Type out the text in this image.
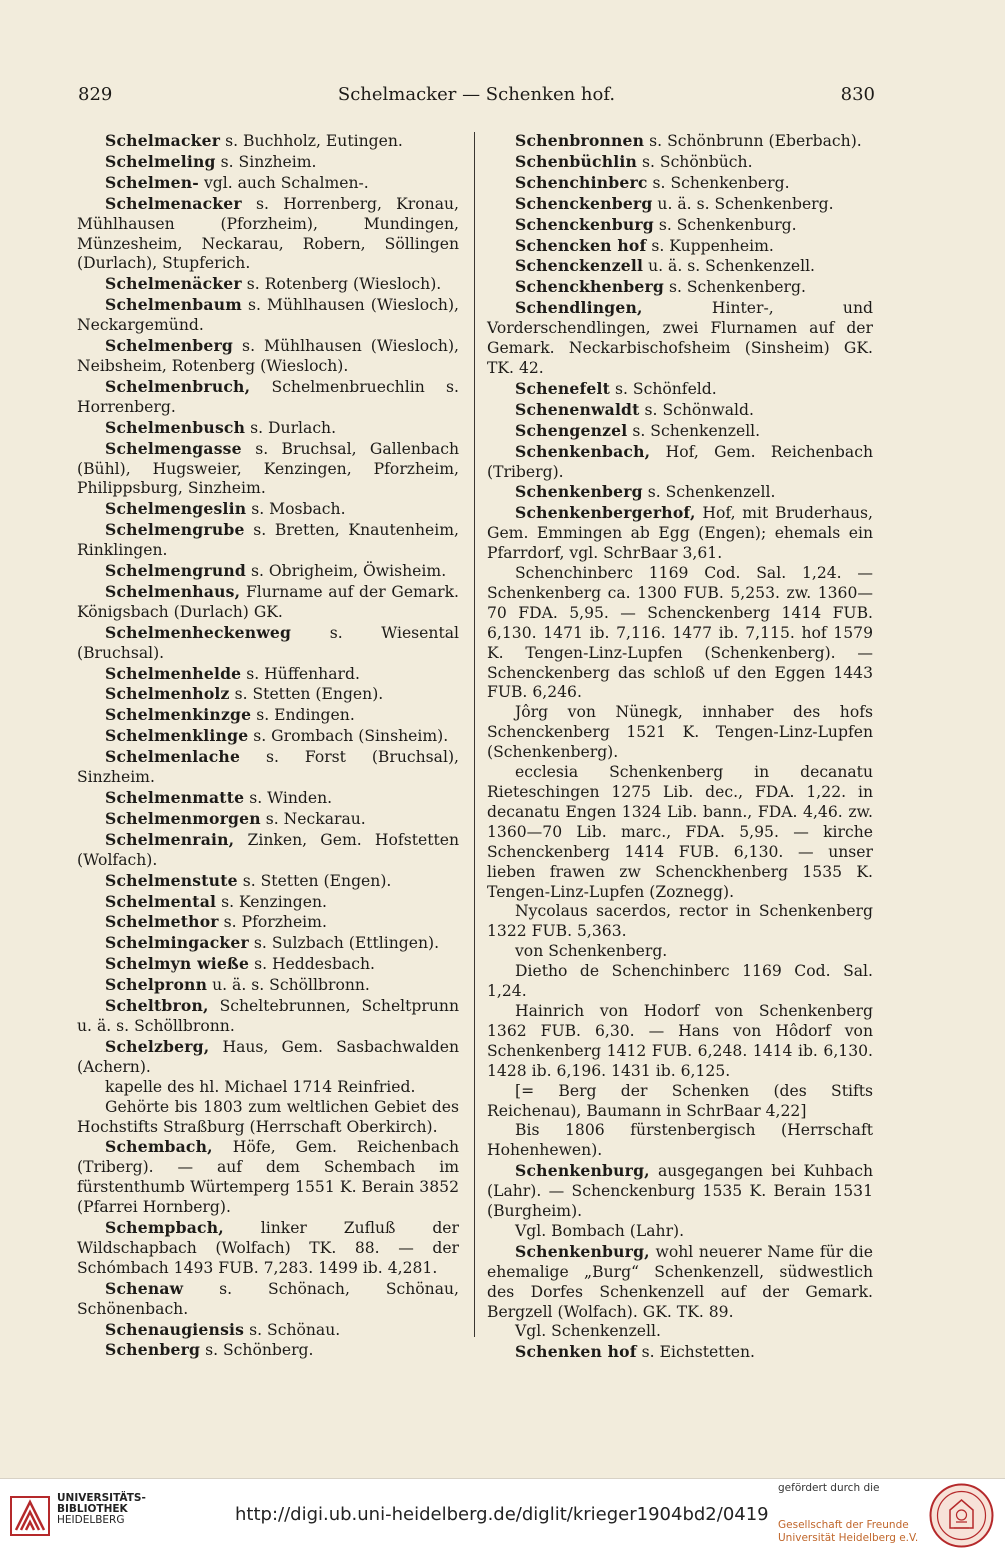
829	Schelmacker — Schenken hof.	830

Schelmacker s. Buchholz, Eutingen.

Schelmeling s. Sinzheim.

Schelmen- vgl. auch Schalmen-.

Schelmenacker s. Horrenberg, Kronau, Mühlhausen (Pforzheim), Mundingen, Münzesheim, Neckarau, Robern, Söllingen (Durlach), Stupferich.

Schelmenäcker s. Rotenberg (Wiesloch).

Schelmenbaum s. Mühlhausen (Wiesloch), Neckargemünd.

Schelmenberg s. Mühlhausen (Wiesloch), Neibsheim, Rotenberg (Wiesloch).

Schelmenbruch, Schelmenbruechlin s. Horrenberg.

Schelmenbusch s. Durlach.

Schelmengasse s. Bruchsal, Gallenbach (Bühl), Hugsweier, Kenzingen, Pforzheim, Philippsburg, Sinzheim.

Schelmengeslin s. Mosbach.

Schelmengrube s. Bretten, Knautenheim, Rinklingen.

Schelmengrund s. Obrigheim, Öwisheim.

Schelmenhaus, Flurname auf der Gemark. Königsbach (Durlach) GK.

Schelmenheckenweg s. Wiesental (Bruchsal).

Schelmenhelde s. Hüffenhard.

Schelmenholz s. Stetten (Engen).

Schelmenkinzge s. Endingen.

Schelmenklinge s. Grombach (Sinsheim).

Schelmenlache s. Forst (Bruchsal), Sinzheim.

Schelmenmatte s. Winden.

Schelmenmorgen s. Neckarau.

Schelmenrain, Zinken, Gem. Hofstetten (Wolfach).

Schelmenstute s. Stetten (Engen).

Schelmental s. Kenzingen.

Schelmethor s. Pforzheim.

Schelmingacker s. Sulzbach (Ettlingen).

Schelmyn wieße s. Heddesbach.

Schelpronn u. ä. s. Schöllbronn.

Scheltbron, Scheltebrunnen, Scheltprunn u. ä. s. Schöllbronn.

Schelzberg, Haus, Gem. Sasbachwalden (Achern).

kapelle des hl. Michael 1714 Reinfried.

Gehörte bis 1803 zum weltlichen Gebiet des Hochstifts Straßburg (Herrschaft Oberkirch).

Schembach, Höfe, Gem. Reichenbach (Triberg). — auf dem Schembach im fürstenthumb Würtemperg 1551 K. Berain 3852 (Pfarrei Hornberg).

Schempbach, linker Zufluß der Wildschapbach (Wolfach) TK. 88. — der Schómbach 1493 FUB. 7,283. 1499 ib. 4,281.

Schenaw s. Schönach, Schönau, Schönenbach.

Schenaugiensis s. Schönau.

Schenberg s. Schönberg.

Schenbronnen s. Schönbrunn (Eberbach).

Schenbüchlin s. Schönbüch.

Schenchinberc s. Schenkenberg.

Schenckenberg u. ä. s. Schenkenberg.

Schenckenburg s. Schenkenburg.

Schencken hof s. Kuppenheim.

Schenckenzell u. ä. s. Schenkenzell.

Schenckhenberg s. Schenkenberg.

Schendlingen, Hinter-, und Vorderschendlingen, zwei Flurnamen auf der Gemark. Neckarbischofsheim (Sinsheim) GK. TK. 42.

Schenefelt s. Schönfeld.

Schenenwaldt s. Schönwald.

Schengenzel s. Schenkenzell.

Schenkenbach, Hof, Gem. Reichenbach (Triberg).

Schenkenberg s. Schenkenzell.

Schenkenbergerhof, Hof, mit Bruderhaus, Gem. Emmingen ab Egg (Engen); ehemals ein Pfarrdorf, vgl. SchrBaar 3,61.

Schenchinberc 1169 Cod. Sal. 1,24. — Schenkenberg ca. 1300 FUB. 5,253. zw. 1360—70 FDA. 5,95. — Schenckenberg 1414 FUB. 6,130. 1471 ib. 7,116. 1477 ib. 7,115. hof 1579 K. Tengen-Linz-Lupfen (Schenkenberg). — Schenckenberg das schloß uf den Eggen 1443 FUB. 6,246.

Jôrg von Nünegk, innhaber des hofs Schenckenberg 1521 K. Tengen-Linz-Lupfen (Schenkenberg).

ecclesia Schenkenberg in decanatu Rieteschingen 1275 Lib. dec., FDA. 1,22. in decanatu Engen 1324 Lib. bann., FDA. 4,46. zw. 1360—70 Lib. marc., FDA. 5,95. — kirche Schenckenberg 1414 FUB. 6,130. — unser lieben frawen zw Schenckhenberg 1535 K. Tengen-Linz-Lupfen (Zoznegg).

Nycolaus sacerdos, rector in Schenkenberg 1322 FUB. 5,363.

von Schenkenberg.

Dietho de Schenchinberc 1169 Cod. Sal. 1,24.

Hainrich von Hodorf von Schenkenberg 1362 FUB. 6,30. — Hans von Hôdorf von Schenkenberg 1412 FUB. 6,248. 1414 ib. 6,130. 1428 ib. 6,196. 1431 ib. 6,125.

[= Berg der Schenken (des Stifts Reichenau), Baumann in SchrBaar 4,22]

Bis 1806 fürstenbergisch (Herrschaft Hohenhewen).

Schenkenburg, ausgegangen bei Kuhbach (Lahr). — Schenckenburg 1535 K. Berain 1531 (Burgheim).

Vgl. Bombach (Lahr).

Schenkenburg, wohl neuerer Name für die ehemalige „Burg“ Schenkenzell, südwestlich des Dorfes Schenkenzell auf der Gemark. Bergzell (Wolfach). GK. TK. 89.

Vgl. Schenkenzell.

Schenken hof s. Eichstetten.

UNIVERSITÄTS-
BIBLIOTHEK
HEIDELBERG	http://digi.ub.uni-heidelberg.de/diglit/krieger1904bd2/0419
gefördert durch die
Gesellschaft der Freunde
Universität Heidelberg e.V.
